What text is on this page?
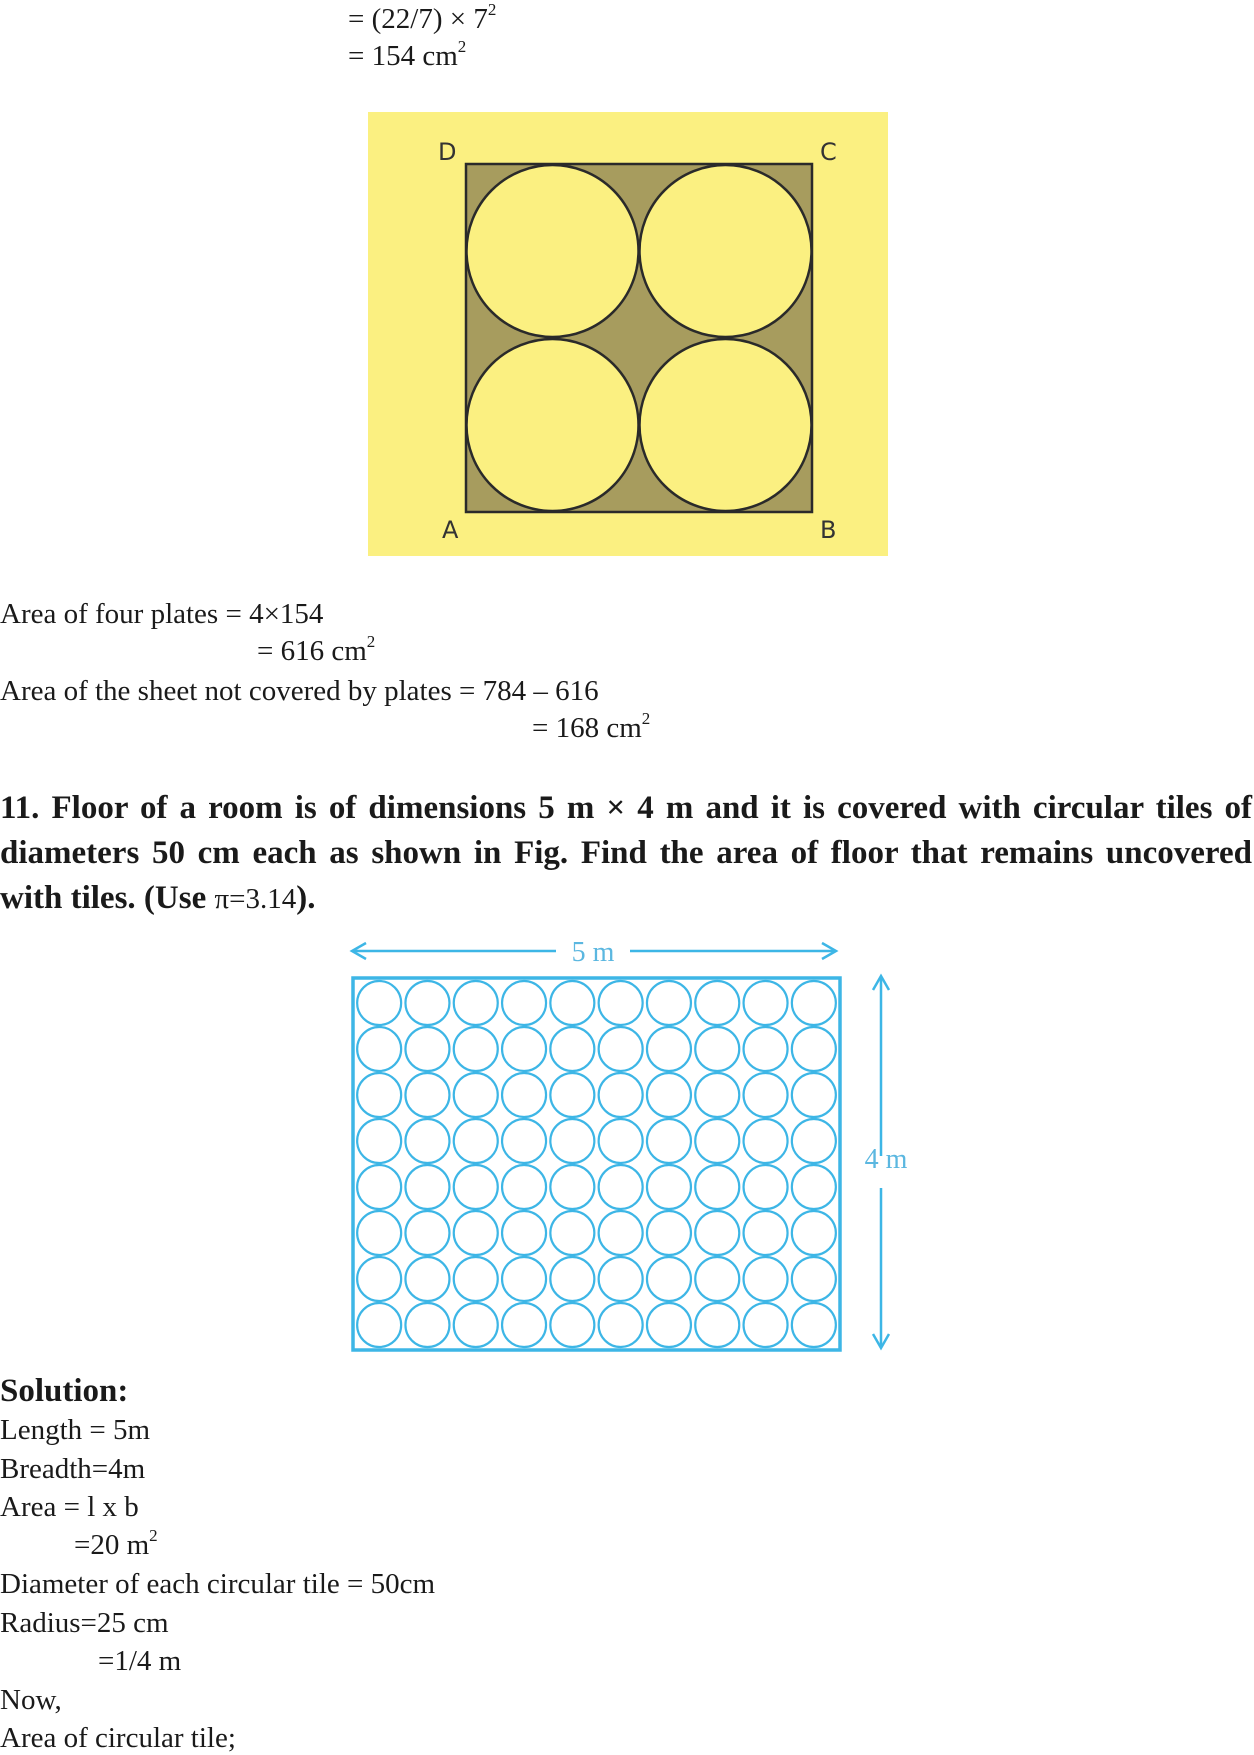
= $(22/7) \times 7^2$
= 154 $cm^2$
D	C
A	B
Area of four plates = 4×154
= 616 $cm^2$
Area of the sheet not covered by plates = 784 – 616
= 168 $cm^2$
11. Floor of a room is of dimensions 5 m × 4 m and it is covered with circular tiles of diameters 50 cm each as shown in Fig. Find the area of floor that remains uncovered with tiles. (Use π=3.14).
5 m
4 m
Solution:
Length = 5m
Breadth=4m
Area = l x b
=20 $m^2$
Diameter of each circular tile = 50cm
Radius=25 cm
=1/4 m
Now,
Area of circular tile;
